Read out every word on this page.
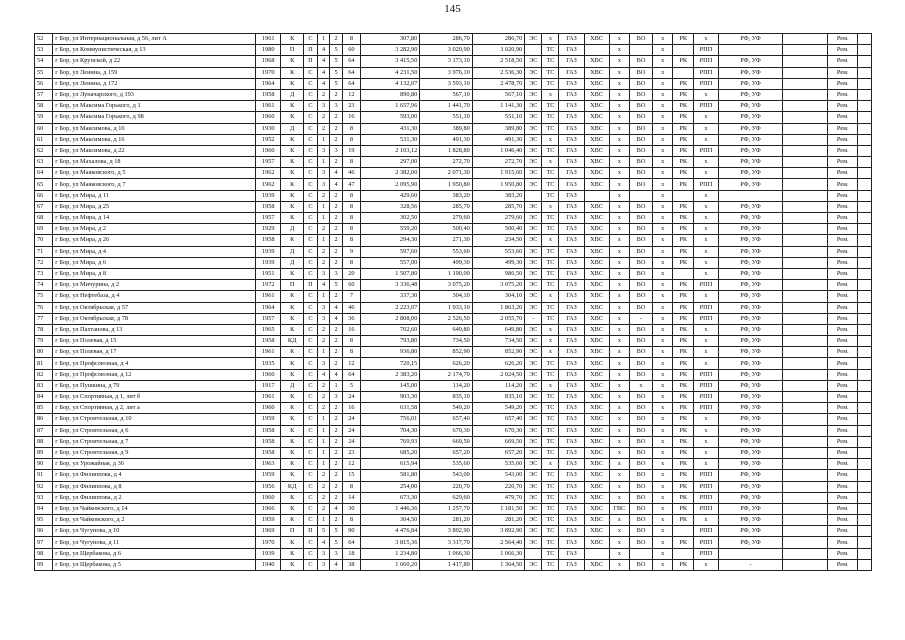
145
52	г Бор, ул Интернациональная, д 56, лит А	1961	К	С	1	2	8	307,80	286,70	286,70	ЭС	х	ГАЗ	ХВС	х	ВО	х	РК	х	РФ, УФ		Рем.	
53	г Бор, ул Коммунистическая, д 13	1980	П	П	4	5	60	3 282,90	3 020,90	3 020,90		ТС	ГАЗ		х		х		РПП			Рем.	
54	г Бор, ул Крупской, д 22	1968	К	П	4	5	64	3 415,50	3 173,10	2 518,50	ЭС	ТС	ГАЗ	ХВС	х	ВО	х	РК	РПП	РФ, УФ		Рем.	
55	г Бор, ул Ленина, д 159	1970	К	С	4	5	64	4 231,50	3 976,10	2 536,30	ЭС	ТС	ГАЗ	ХВС	х	ВО	х		РПП	РФ, УФ		Рем.	
56	г Бор, ул Ленина, д 172	1964	К	С	4	5	64	4 132,07	3 593,10	2 478,70	ЭС	ТС	ГАЗ	ХВС	х	ВО	х	РК	РПП	РФ, УФ		Рем.	
57	г Бор, ул Луначарского, д 193	1958	Д	С	2	2	12	890,80	567,10	567,10	ЭС	х	ГАЗ	ХВС	х	ВО	х	РК	х	РФ, УФ		Рем.	
58	г Бор, ул Максима Горького, д 1	1961	К	С	3	3	23	1 657,96	1 441,70	1 141,30	ЭС	ТС	ГАЗ	ХВС	х	ВО	х	РК	РПП	РФ, УФ		Рем.	
59	г Бор, ул Максима Горького, д 98	1960	К	С	2	2	16	593,00	551,10	551,10	ЭС	ТС	ГАЗ	ХВС	х	ВО	х	РК	х	РФ, УФ		Рем.	
60	г Бор, ул Максимова, д 10	1930	Д	С	2	2	8	431,30	389,80	389,80	ЭС	ТС	ГАЗ	ХВС	х	ВО	х	РК	х	РФ, УФ		Рем.	
61	г Бор, ул Максимова, д 16	1952	К	С	1	2	8	531,30	491,30	491,30	ЭС	х	ГАЗ	ХВС	х	ВО	х	РК	х	РФ, УФ		Рем.	
62	г Бор, ул Максимова, д 22	1960	К	С	3	3	19	2 103,12	1 828,80	1 046,40	ЭС	ТС	ГАЗ	ХВС	х	ВО	х	РК	РПП	РФ, УФ		Рем.	
63	г Бор, ул Махалова, д 18	1957	К	С	1	2	8	297,00	272,70	272,70	ЭС	х	ГАЗ	ХВС	х	ВО	х	РК	х	РФ, УФ		Рем.	
64	г Бор, ул Маяковского, д 5	1962	К	С	3	4	46	2 382,00	2 071,30	1 915,60	ЭС	ТС	ГАЗ	ХВС	х	ВО	х	РК	х	РФ, УФ		Рем.	
65	г Бор, ул Маяковского, д 7	1962	К	С	3	4	47	2 095,90	1 950,80	1 950,80	ЭС	ТС	ГАЗ	ХВС	х	ВО	х	РК	РПП	РФ, УФ		Рем.	
66	г Бор, ул Мира, д 11	1939	К	С	2	2	8	429,60	383,20	383,20		ТС	ГАЗ		х		х		х			Рем.	
67	г Бор, ул Мира, д 25	1958	К	С	1	2	8	328,56	285,70	285,70	ЭС	х	ГАЗ	ХВС	х	ВО	х	РК	х	РФ, УФ		Рем.	
68	г Бор, ул Мира, д 14	1957	К	С	1	2	8	302,50	279,60	279,60	ЭС	ТС	ГАЗ	ХВС	х	ВО	х	РК	х	РФ, УФ		Рем.	
69	г Бор, ул Мира, д 2	1929	Д	С	2	2	8	559,20	500,40	500,40	ЭС	ТС	ГАЗ	ХВС	х	ВО	х	РК	х	РФ, УФ		Рем.	
70	г Бор, ул Мира, д 26	1958	К	С	1	2	8	294,30	271,30	234,50	ЭС	х	ГАЗ	ХВС	х	ВО	х	РК	х	РФ, УФ		Рем.	
71	г Бор, ул Мира, д 4	1939	Д	С	2	2	9	597,60	553,60	553,60	ЭС	ТС	ГАЗ	ХВС	х	ВО	х	РК	х	РФ, УФ		Рем.	
72	г Бор, ул Мира, д 6	1939	Д	С	2	2	8	557,00	499,30	499,30	ЭС	ТС	ГАЗ	ХВС	х	ВО	х	РК	х	РФ, УФ		Рем.	
73	г Бор, ул Мира, д 8	1951	К	С	3	3	20	1 507,80	1 190,00	986,50	ЭС	ТС	ГАЗ	ХВС	х	ВО	х		х	РФ, УФ		Рем.	
74	г Бор, ул Мичурина, д 2	1972	П	П	4	5	60	3 336,48	3 075,20	3 075,20	ЭС	ТС	ГАЗ	ХВС	х	ВО	х	РК	РПП	РФ, УФ		Рем.	
75	г Бор, ул Нефтебаза, д 4	1961	К	С	1	2	7	337,30	304,10	304,10	ЭС	х	ГАЗ	ХВС	х	ВО	х	РК	х	РФ, УФ		Рем.	
76	г Бор, ул Октябрьская, д 57	1964	К	С	3	4	46	2 223,07	1 933,10	1 863,20	ЭС	ТС	ГАЗ	ХВС	х	ВО	х	РК	РПП	РФ, УФ		Рем.	
77	г Бор, ул Октябрьская, д 78	1957	К	С	3	4	36	2 808,00	2 526,50	2 055,70	-	ТС	ГАЗ	ХВС	х	-	х	РК	РПП	РФ, УФ		Рем.	
78	г Бор, ул Пахтанова, д 13	1965	К	С	2	2	16	702,60	649,80	649,80	ЭС	х	ГАЗ	ХВС	х	ВО	х	РК	х	РФ, УФ		Рем.	
79	г Бор, ул Полевая, д 15	1958	КД	С	2	2	8	793,80	734,50	734,50	ЭС	х	ГАЗ	ХВС	х	ВО	х	РК	х	РФ, УФ		Рем.	
80	г Бор, ул Полевая, д 17	1961	К	С	1	2	8	936,80	852,90	852,90	ЭС	х	ГАЗ	ХВС	х	ВО	х	РК	х	РФ, УФ		Рем.	
81	г Бор, ул Профсоюзная, д 4	1935	К	С	3	2	12	720,15	626,20	626,20	ЭС	ТС	ГАЗ	ХВС	х	ВО	х	РК	х	РФ, УФ		Рем.	
82	г Бор, ул Профсоюзная, д 12	1960	К	С	4	4	64	2 383,20	2 174,70	2 024,50	ЭС	ТС	ГАЗ	ХВС	х	ВО	х	РК	РПП	РФ, УФ		Рем.	
83	г Бор, ул Пушкина, д 79	1917	Д	С	2	1	5	145,00	114,20	114,20	ЭС	х	ГАЗ	ХВС	х	х	х	РК	РПП	РФ, УФ		Рем.	
84	г Бор, ул Спортивная, д 1, лит б	1961	К	С	2	3	24	903,30	835,10	835,10	ЭС	ТС	ГАЗ	ХВС	х	ВО	х	РК	РПП	РФ, УФ		Рем.	
85	г Бор, ул Спортивная, д 2, лит а	1960	К	С	2	2	16	631,58	549,20	549,20	ЭС	ТС	ГАЗ	ХВС	х	ВО	х	РК	РПП	РФ, УФ		Рем.	
86	г Бор, ул Строительная, д 10	1959	К	С	1	2	24	756,01	657,40	657,40	ЭС	ТС	ГАЗ	ХВС	х	ВО	х	РК	х	РФ, УФ		Рем.	
87	г Бор, ул Строительная, д 6	1958	К	С	1	2	24	704,30	670,30	670,30	ЭС	ТС	ГАЗ	ХВС	х	ВО	х	РК	х	РФ, УФ		Рем.	
88	г Бор, ул Строительная, д 7	1958	К	С	1	2	24	769,93	669,50	669,50	ЭС	ТС	ГАЗ	ХВС	х	ВО	х	РК	х	РФ, УФ		Рем.	
89	г Бор, ул Строительная, д 9	1958	К	С	1	2	23	685,20	657,20	657,20	ЭС	ТС	ГАЗ	ХВС	х	ВО	х	РК	х	РФ, УФ		Рем.	
90	г Бор, ул Урожайная, д 36	1963	К	С	1	2	12	615,94	535,60	535,60	ЭС	х	ГАЗ	ХВС	х	ВО	х	РК	х	РФ, УФ		Рем.	
91	г Бор, ул Филиппова, д 4	1959	К	С	2	2	15	581,80	543,00	543,00	ЭС	ТС	ГАЗ	ХВС	х	ВО	х	РК	РПП	РФ, УФ		Рем.	
92	г Бор, ул Филиппова, д 8	1956	КД	С	2	2	8	254,00	220,70	220,70	ЭС	ТС	ГАЗ	ХВС	х	ВО	х	РК	РПП	РФ, УФ		Рем.	
93	г Бор, ул Филиппова, д 2	1960	К	С	2	2	14	673,30	629,60	479,70	ЭС	ТС	ГАЗ	ХВС	х	ВО	х	РК	РПП	РФ, УФ		Рем.	
94	г Бор, ул Чайковского, д 14	1966	К	С	2	4	30	1 446,36	1 257,70	1 181,50	ЭС	ТС	ГАЗ	ХВС	ГВС	ВО	х	РК	РПП	РФ, УФ		Рем.	
95	г Бор, ул Чайковского, д 2	1959	К	С	1	2	8	304,50	281,20	281,20	ЭС	ТС	ГАЗ	ХВС	х	ВО	х	РК	х	РФ, УФ		Рем.	
96	г Бор, ул Чугунова, д 10	1969	П	П	5	5	90	4 476,84	3 892,90	3 892,90	ЭС	ТС	ГАЗ	ХВС	х	ВО	х		РПП	РФ, УФ		Рем.	
97	г Бор, ул Чугунова, д 11	1970	К	С	4	5	64	3 815,36	3 317,70	2 564,40	ЭС	ТС	ГАЗ	ХВС	х	ВО	х	РК	РПП	РФ, УФ		Рем.	
98	г Бор, ул Щербакова, д 6	1939	К	С	3	3	18	1 234,80	1 066,30	1 066,30		ТС	ГАЗ		х		х		РПП			Рем.	
99	г Бор, ул Щербакова, д 5	1940	К	С	3	4	38	1 660,20	1 417,80	1 364,50	ЭС	ТС	ГАЗ	ХВС	х	ВО	х	РК	х	-		Рем.	
